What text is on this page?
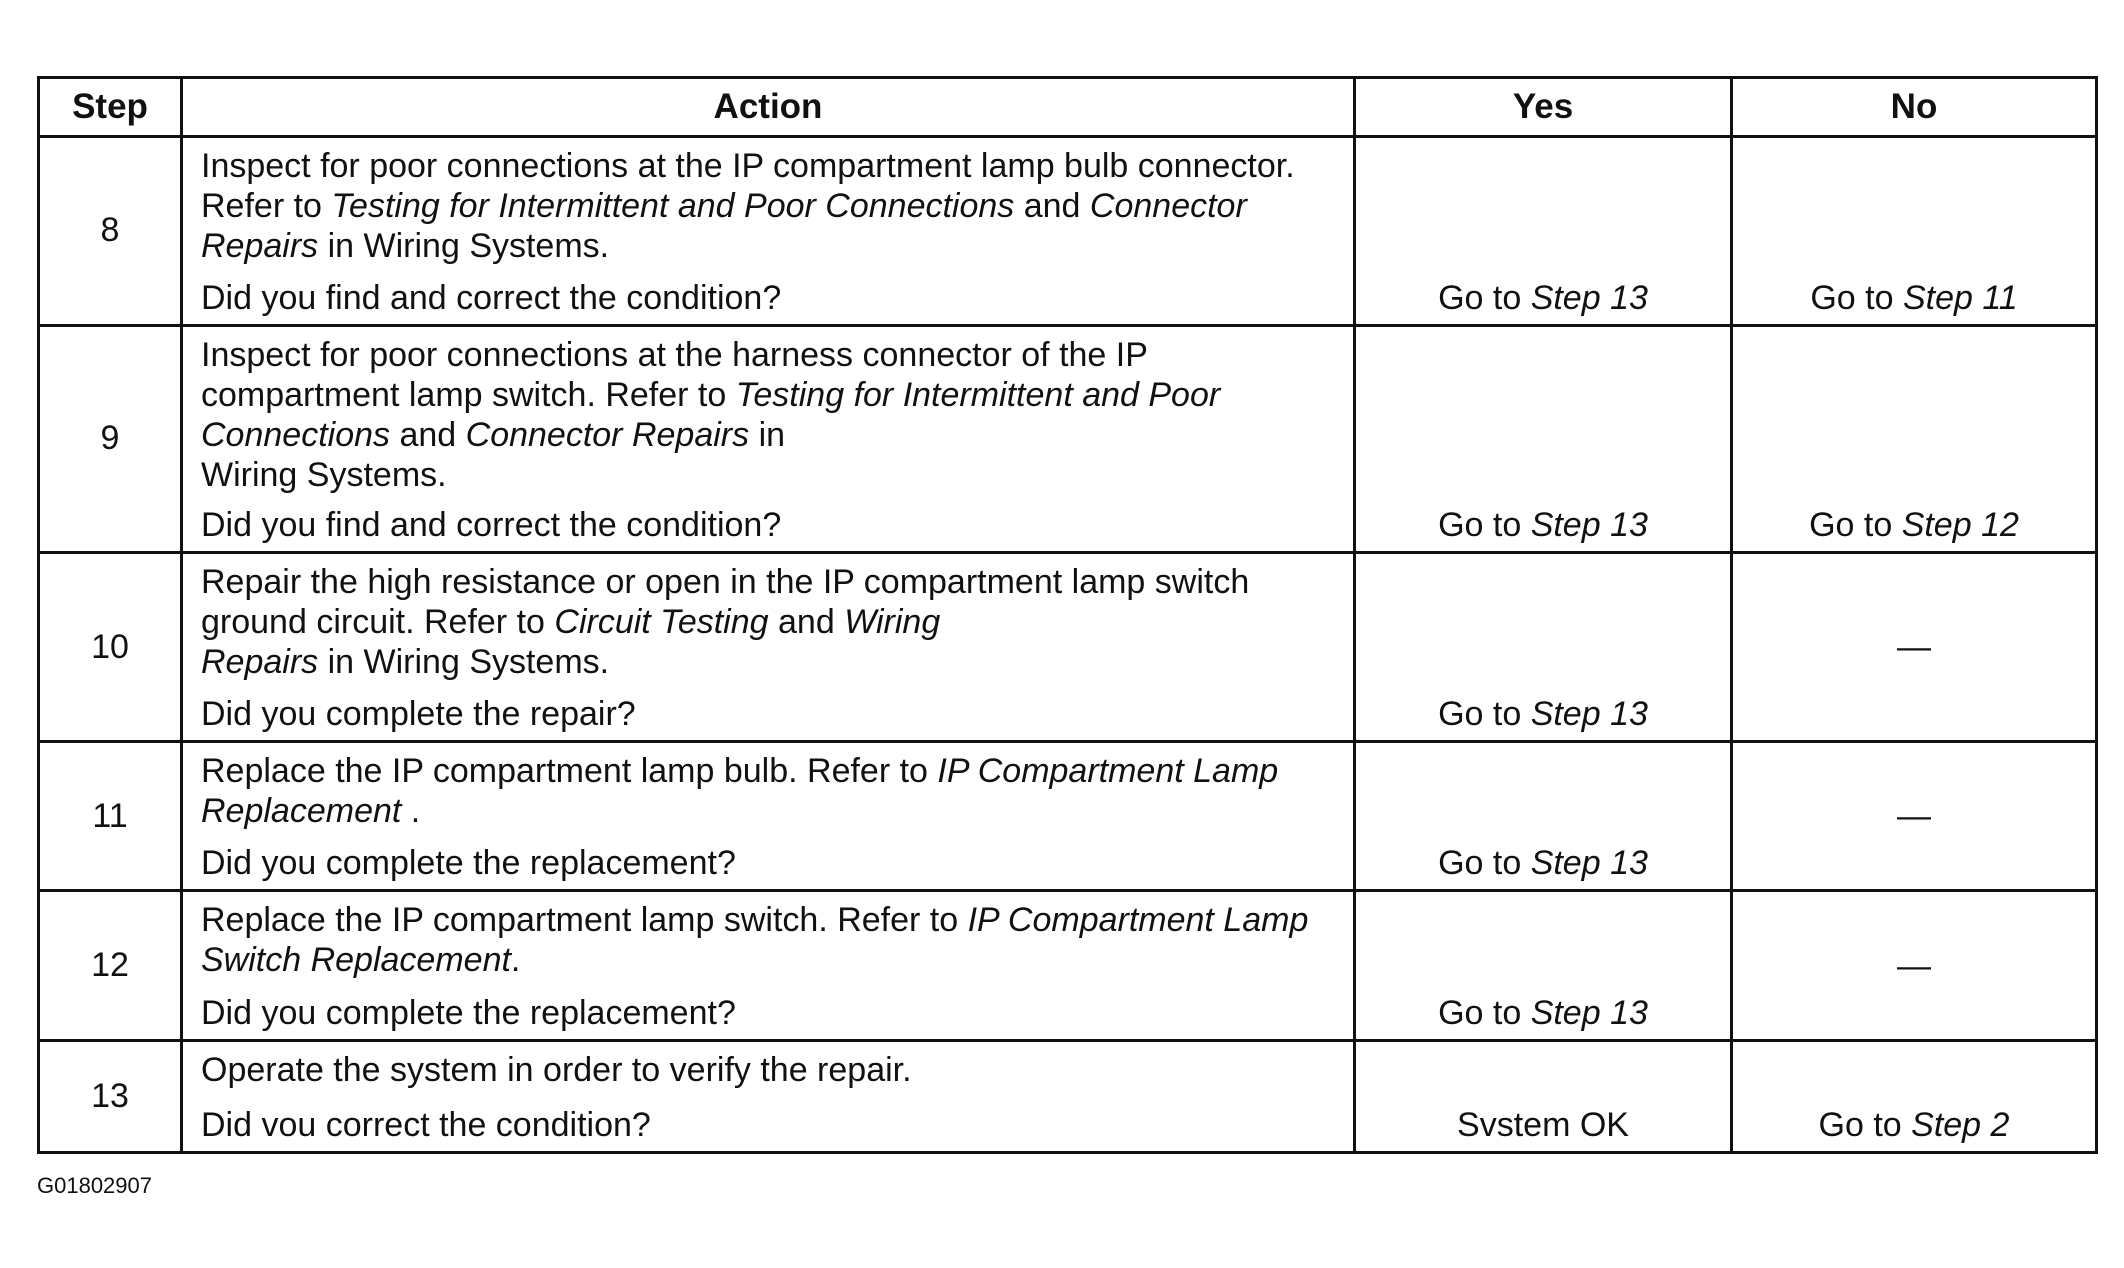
Step	Action	Yes	No
8	Inspect for poor connections at the IP compartment lamp bulb connector. Refer to Testing for Intermittent and Poor Connections and Connector Repairs in Wiring Systems.
Did you find and correct the condition?	Go to Step 13	Go to Step 11
9	Inspect for poor connections at the harness connector of the IP compartment lamp switch. Refer to Testing for Intermittent and Poor Connections and Connector Repairs in
Wiring Systems.
Did you find and correct the condition?	Go to Step 13	Go to Step 12
10	Repair the high resistance or open in the IP compartment lamp switch ground circuit. Refer to Circuit Testing and Wiring
Repairs in Wiring Systems.
Did you complete the repair?	Go to Step 13	—
11	Replace the IP compartment lamp bulb. Refer to IP Compartment Lamp Replacement .
Did you complete the replacement?	Go to Step 13	—
12	Replace the IP compartment lamp switch. Refer to IP Compartment Lamp Switch Replacement.
Did you complete the replacement?	Go to Step 13	—
13	Operate the system in order to verify the repair.
Did vou correct the condition?	Svstem OK	Go to Step 2
G01802907
